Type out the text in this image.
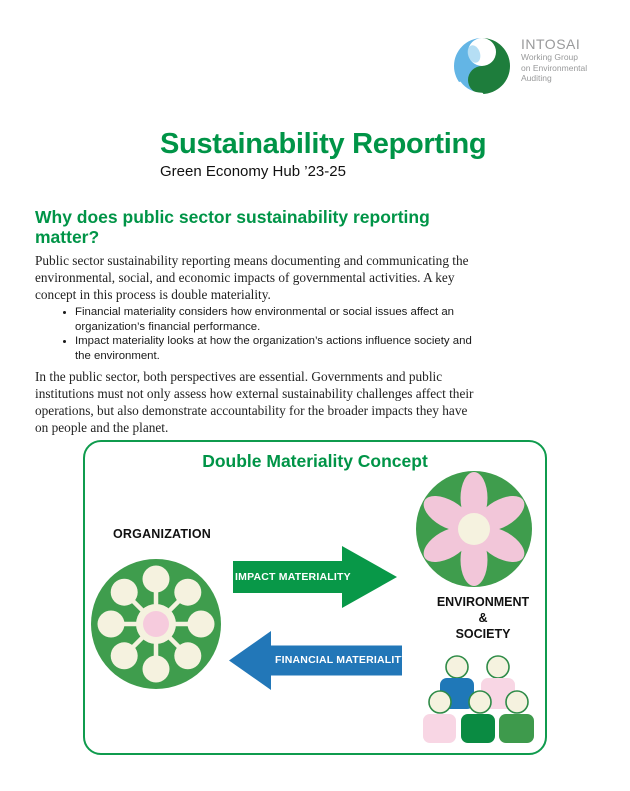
INTOSAI
Working Group
on Environmental
Auditing
Sustainability Reporting
Green Economy Hub ’23-25
Why does public sector sustainability reporting matter?

Public sector sustainability reporting means documenting and communicating the environmental, social, and economic impacts of governmental activities. A key concept in this process is double materiality.

• Financial materiality considers how environmental or social issues affect an organization’s financial performance.
• Impact materiality looks at how the organization’s actions influence society and the environment.

In the public sector, both perspectives are essential. Governments and public institutions must not only assess how external sustainability challenges affect their operations, but also demonstrate accountability for the broader impacts they have on people and the planet.

Double Materiality Concept
ORGANIZATION
IMPACT MATERIALITY
ENVIRONMENT
&
SOCIETY
FINANCIAL MATERIALITY
